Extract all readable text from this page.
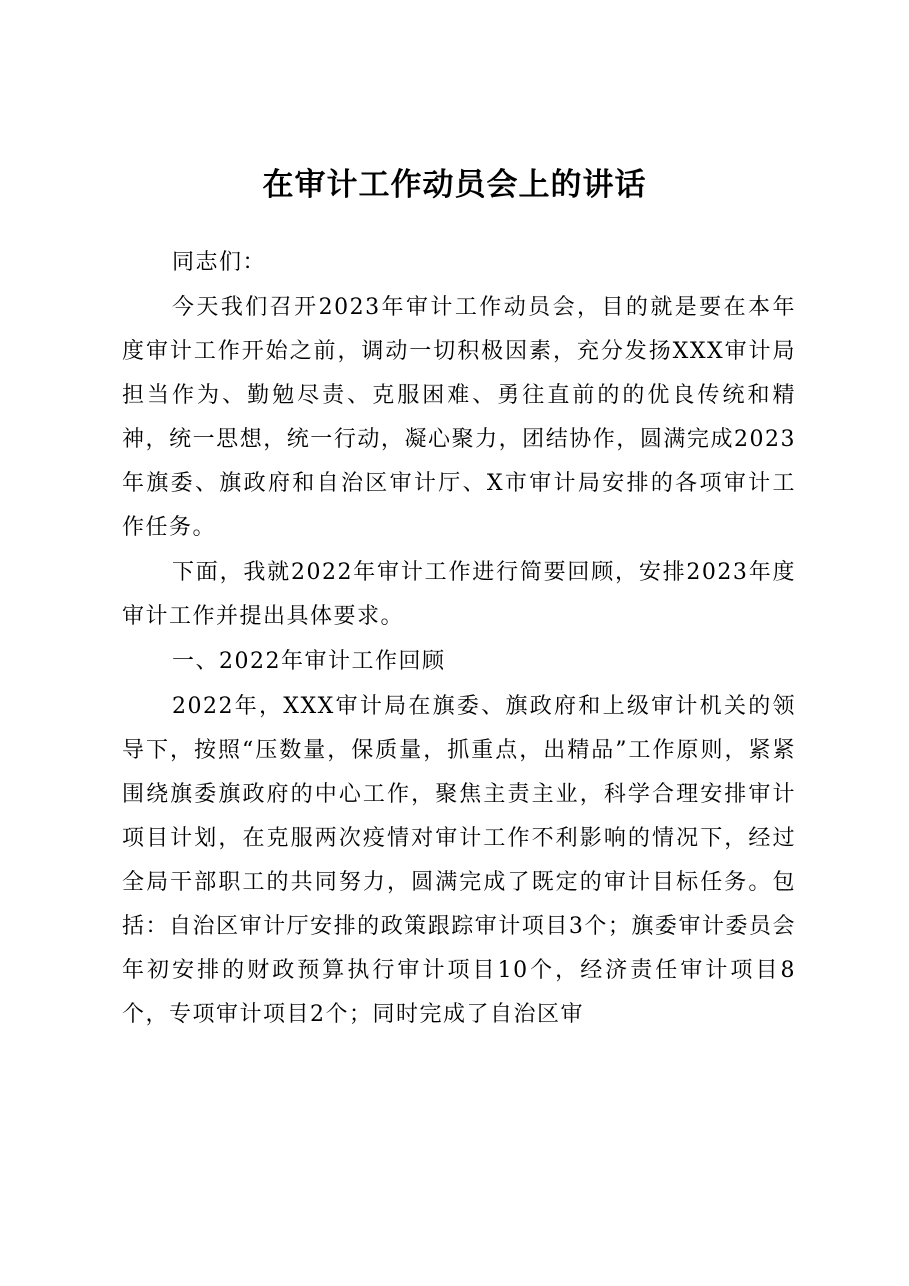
在审计工作动员会上的讲话

同志们：

今天我们召开2023年审计工作动员会，目的就是要在本年度审计工作开始之前，调动一切积极因素，充分发扬XXX审计局担当作为、勤勉尽责、克服困难、勇往直前的的优良传统和精神，统一思想，统一行动，凝心聚力，团结协作，圆满完成2023年旗委、旗政府和自治区审计厅、X市审计局安排的各项审计工作任务。

下面，我就2022年审计工作进行简要回顾，安排2023年度审计工作并提出具体要求。

一、2022年审计工作回顾

2022年，XXX审计局在旗委、旗政府和上级审计机关的领导下，按照“压数量，保质量，抓重点，出精品”工作原则，紧紧围绕旗委旗政府的中心工作，聚焦主责主业，科学合理安排审计项目计划，在克服两次疫情对审计工作不利影响的情况下，经过全局干部职工的共同努力，圆满完成了既定的审计目标任务。包括：自治区审计厅安排的政策跟踪审计项目3个；旗委审计委员会年初安排的财政预算执行审计项目10个，经济责任审计项目8个，专项审计项目2个；同时完成了自治区审
